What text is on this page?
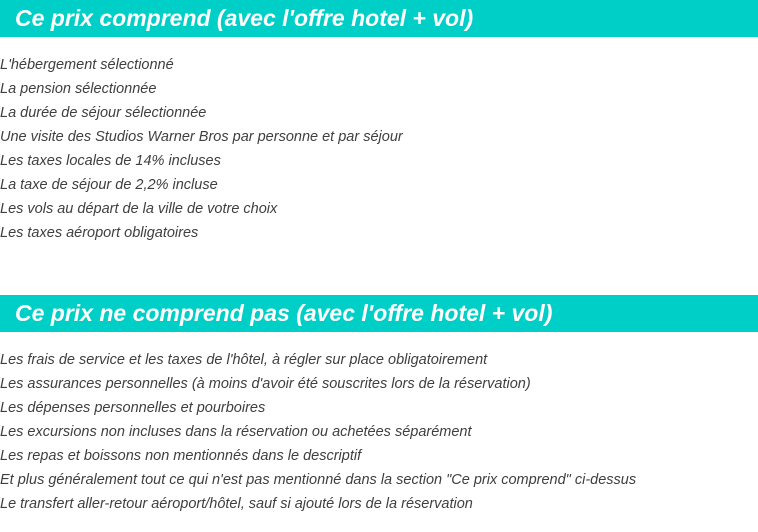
Ce prix comprend (avec l'offre hotel + vol)
L'hébergement sélectionné
La pension sélectionnée
La durée de séjour sélectionnée
Une visite des Studios Warner Bros par personne et par séjour
Les taxes locales de 14% incluses
La taxe de séjour de 2,2% incluse
Les vols au départ de la ville de votre choix
Les taxes aéroport obligatoires
Ce prix ne comprend pas (avec l'offre hotel + vol)
Les frais de service et les taxes de l'hôtel, à régler sur place obligatoirement
Les assurances personnelles (à moins d'avoir été souscrites lors de la réservation)
Les dépenses personnelles et pourboires
Les excursions non incluses dans la réservation ou achetées séparément
Les repas et boissons non mentionnés dans le descriptif
Et plus généralement tout ce qui n'est pas mentionné dans la section "Ce prix comprend" ci-dessus
Le transfert aller-retour aéroport/hôtel, sauf si ajouté lors de la réservation
